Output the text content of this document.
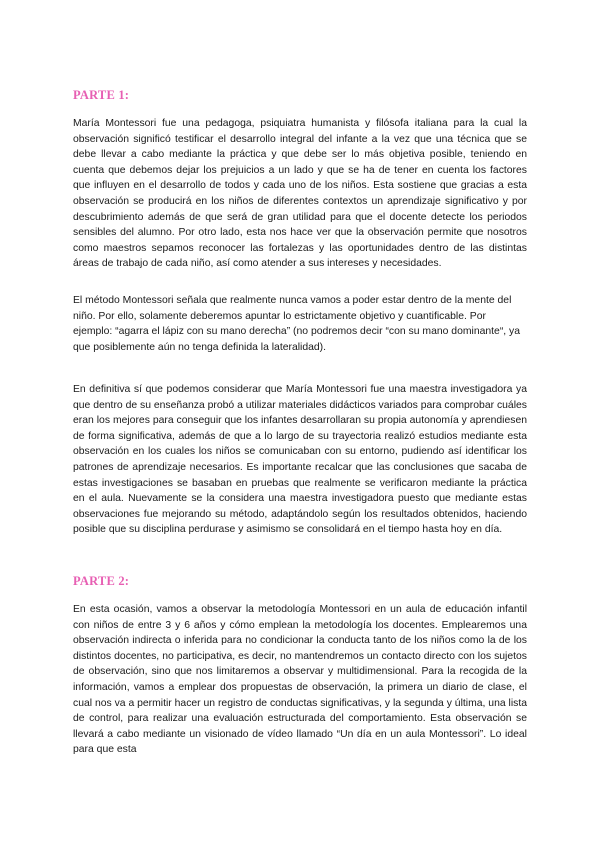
PARTE 1:

María Montessori fue una pedagoga, psiquiatra humanista y filósofa italiana para la cual la observación significó testificar el desarrollo integral del infante a la vez que una técnica que se debe llevar a cabo mediante la práctica y que debe ser lo más objetiva posible, teniendo en cuenta que debemos dejar los prejuicios a un lado y que se ha de tener en cuenta los factores que influyen en el desarrollo de todos y cada uno de los niños. Esta sostiene que gracias a esta observación se producirá en los niños de diferentes contextos un aprendizaje significativo y por descubrimiento además de que será de gran utilidad para que el docente detecte los periodos sensibles del alumno. Por otro lado, esta nos hace ver que la observación permite que nosotros como maestros sepamos reconocer las fortalezas y las oportunidades dentro de las distintas áreas de trabajo de cada niño, así como atender a sus intereses y necesidades.

El método Montessori señala que realmente nunca vamos a poder estar dentro de la mente del niño. Por ello, solamente deberemos apuntar lo estrictamente objetivo y cuantificable. Por ejemplo: “agarra el lápiz con su mano derecha” (no podremos decir “con su mano dominante“, ya que posiblemente aún no tenga definida la lateralidad).

En definitiva sí que podemos considerar que María Montessori fue una maestra investigadora ya que dentro de su enseñanza probó a utilizar materiales didácticos variados para comprobar cuáles eran los mejores para conseguir que los infantes desarrollaran su propia autonomía y aprendiesen de forma significativa, además de que a lo largo de su trayectoria realizó estudios mediante esta observación en los cuales los niños se comunicaban con su entorno, pudiendo así identificar los patrones de aprendizaje necesarios. Es importante recalcar que las conclusiones que sacaba de estas investigaciones se basaban en pruebas que realmente se verificaron mediante la práctica en el aula. Nuevamente se la considera una maestra investigadora puesto que mediante estas observaciones fue mejorando su método, adaptándolo según los resultados obtenidos, haciendo posible que su disciplina perdurase y asimismo se consolidará en el tiempo hasta hoy en día.

PARTE 2:

En esta ocasión, vamos a observar la metodología Montessori en un aula de educación infantil con niños de entre 3 y 6 años y cómo emplean la metodología los docentes. Emplearemos una observación indirecta o inferida para no condicionar la conducta tanto de los niños como la de los distintos docentes, no participativa, es decir, no mantendremos un contacto directo con los sujetos de observación, sino que nos limitaremos a observar y multidimensional. Para la recogida de la información, vamos a emplear dos propuestas de observación, la primera un diario de clase, el cual nos va a permitir hacer un registro de conductas significativas, y la segunda y última, una lista de control, para realizar una evaluación estructurada del comportamiento. Esta observación se llevará a cabo mediante un visionado de vídeo llamado “Un día en un aula Montessori”. Lo ideal para que esta
